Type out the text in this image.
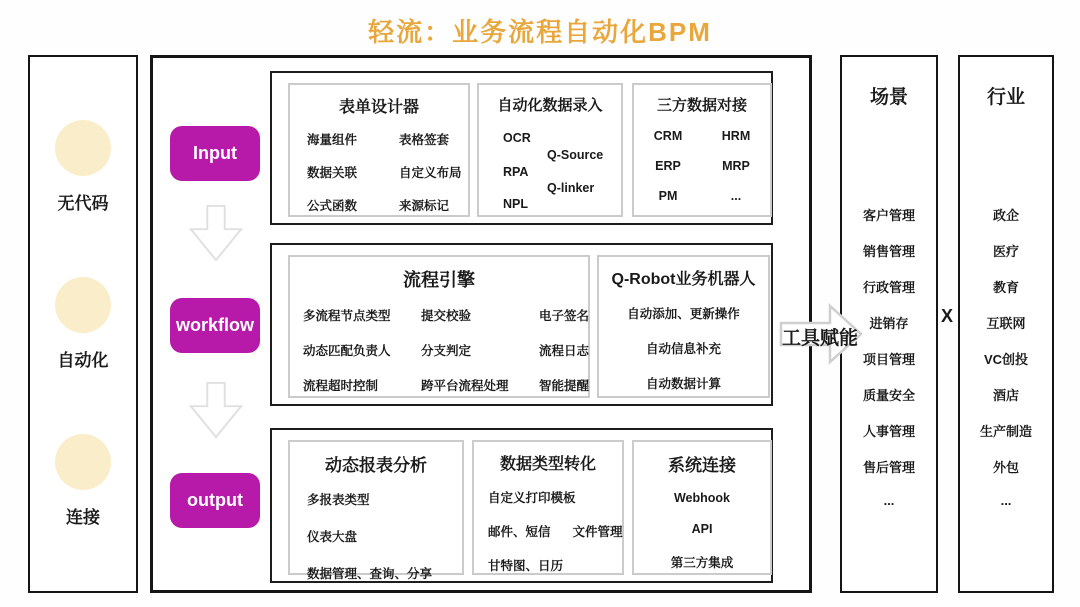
轻流：业务流程自动化BPM
无代码
自动化
连接
Input
workflow
output
表单设计器
海量组件	表格签套
数据关联	自定义布局
公式函数	来源标记
自动化数据录入
OCR
RPA
NPL
Q-Source
Q-linker
三方数据对接
CRM	HRM
ERP	MRP
PM	...
流程引擎
多流程节点类型	提交校验	电子签名
动态匹配负责人	分支判定	流程日志
流程超时控制	跨平台流程处理	智能提醒
Q-Robot业务机器人
自动添加、更新操作
自动信息补充
自动数据计算
动态报表分析
多报表类型
仪表大盘
数据管理、查询、分享
数据类型转化
自定义打印模板
邮件、短信 文件管理
甘特图、日历
系统连接
Webhook
API
第三方集成
工具赋能
场景
客户管理
销售管理
行政管理
进销存
项目管理
质量安全
人事管理
售后管理
...
X
行业
政企
医疗
教育
互联网
VC创投
酒店
生产制造
外包
...
